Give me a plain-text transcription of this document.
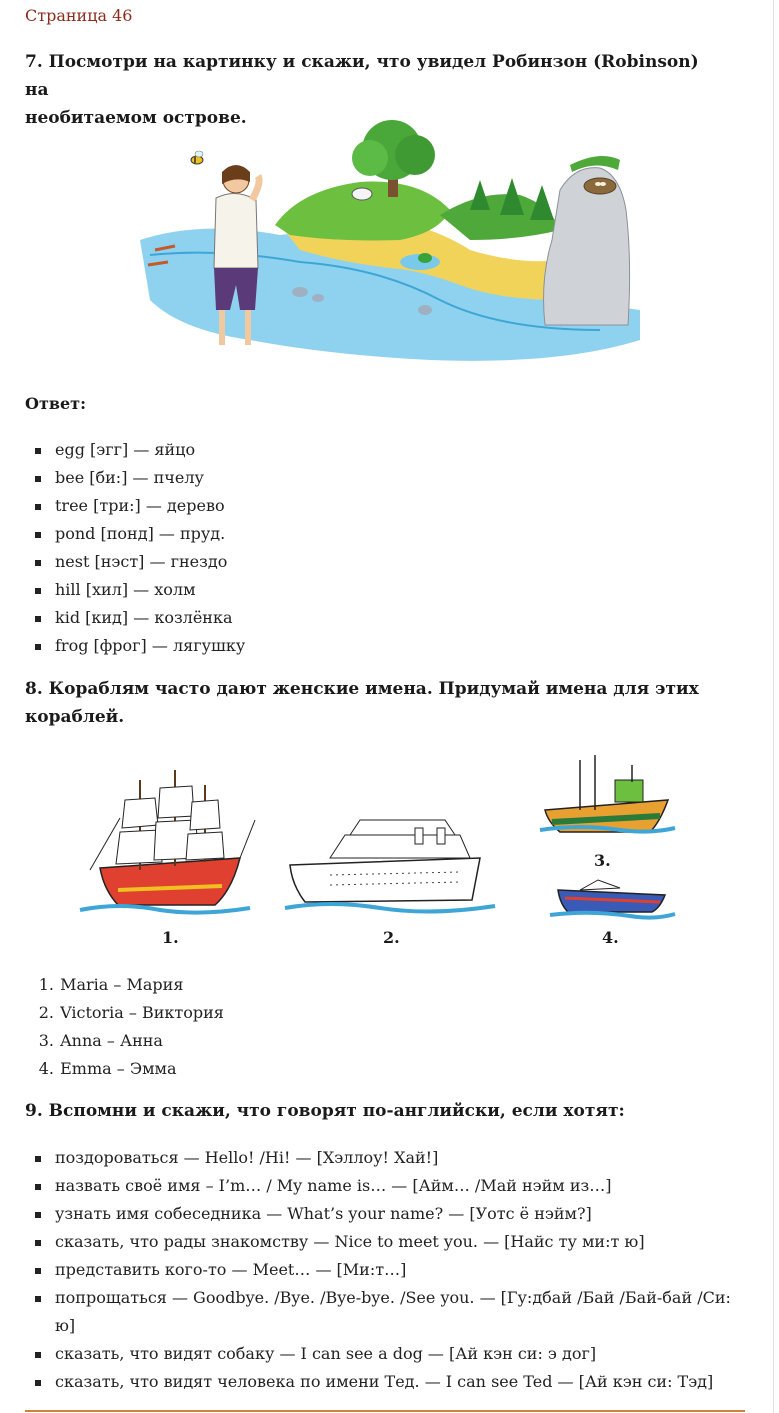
Страница 46
7. Посмотри на картинку и скажи, что увидел Робинзон (Robinson) на
необитаемом острове.
Ответ:
egg [эгг] — яйцо
bee [би:] — пчелу
tree [три:] — дерево
pond [понд] — пруд.
nest [нэст] — гнездо
hill [хил] — холм
kid [кид] — козлёнка
frog [фрог] — лягушку
8. Кораблям часто дают женские имена. Придумай имена для этих
кораблей.
1.	2.
3.
4.
1. Maria – Мария
2. Victoria – Виктория
3. Anna – Анна
4. Emma – Эмма
9. Вспомни и скажи, что говорят по-английски, если хотят:
поздороваться — Hello! /Hi! — [Хэллоу! Хай!]
назвать своё имя – I’m… / My name is… — [Айм… /Май нэйм из…]
узнать имя собеседника — What’s your name? — [Уотс ё нэйм?]
сказать, что рады знакомству — Nice to meet you. — [Найс ту ми:т ю]
представить кого-то — Meet… — [Ми:т…]
попрощаться — Goodbye. /Bye. /Bye-bye. /See you. — [Гу:дбай /Бай /Бай-бай /Си: ю]
сказать, что видят собаку — I can see a dog — [Ай кэн си: э дог]
сказать, что видят человека по имени Тед. — I can see Ted — [Ай кэн си: Тэд]
